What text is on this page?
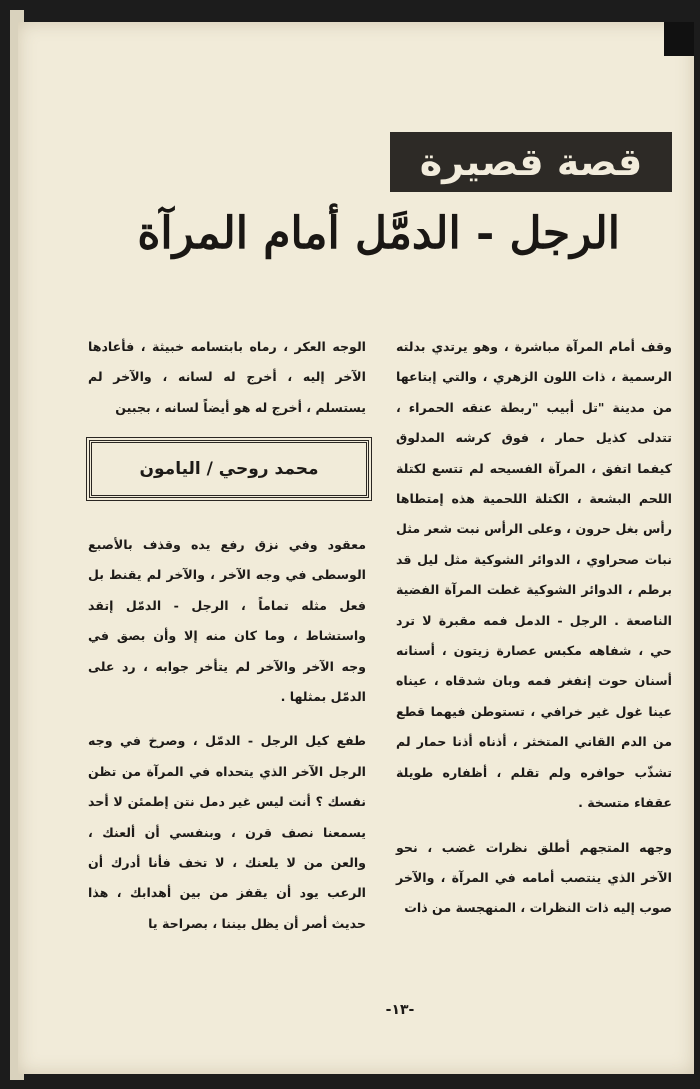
قصة قصيرة
الرجل - الدمَّل أمام المرآة

وقف أمام المرآة مباشرة ، وهو يرتدي بدلته الرسمية ، ذات اللون الزهري ، والتي إبتاعها من مدينة "تل أبيب "ربطة عنقه الحمراء ، تتدلى كذيل حمار ، فوق كرشه المدلوق كيفما اتفق ، المرآة الفسيحه لم تتسع لكتلة اللحم البشعة ، الكتلة اللحمية هذه إمتطاها رأس بغل حرون ، وعلى الرأس نبت شعر مثل نبات صحراوي ، الدوائر الشوكية مثل ليل قد برطم ، الدوائر الشوكية غطت المرآة الفضية الناصعة . الرجل - الدمل فمه مقبرة لا ترد حي ، شفاهه مكبس عصارة زيتون ، أسنانه أسنان حوت إنفغر فمه وبان شدقاه ، عيناه عينا غول غير خرافي ، تستوطن فيهما قطع من الدم القاني المتخثر ، أذناه أذنا حمار لم تشذّب حوافره ولم تقلم ، أظفاره طويلة عقفاء متسخة .

وجهه المتجهم أطلق نظرات غضب ، نحو الآخر الذي ينتصب أمامه في المرآة ، والآخر صوب إليه ذات النظرات ، المنهجسة من ذات

الوجه العكر ، رماه بابتسامه خبيثة ، فأعادها الآخر إليه ، أخرج له لسانه ، والآخر لم يستسلم ، أخرج له هو أيضاً لسانه ، بجبين

محمد روحي / اليامون

معقود وفي نزق رفع يده وقذف بالأصبع الوسطى في وجه الآخر ، والآخر لم يقنط بل فعل مثله تماماً ، الرجل - الدمّل إتقد واستشاط ، وما كان منه إلا وأن بصق في وجه الآخر والآخر لم يتأخر جوابه ، رد على الدمّل بمثلها .

طفع كيل الرجل - الدمّل ، وصرخ في وجه الرجل الآخر الذي يتحداه في المرآة من تظن نفسك ؟ أنت ليس غير دمل نتن إطمئن لا أحد يسمعنا نصف قرن ، وبنفسي أن ألعنك ، والعن من لا يلعنك ، لا تخف فأنا أدرك أن الرعب يود أن يقفز من بين أهدابك ، هذا حديث أصر أن يظل بيننا ، بصراحة يا

-١٣-
